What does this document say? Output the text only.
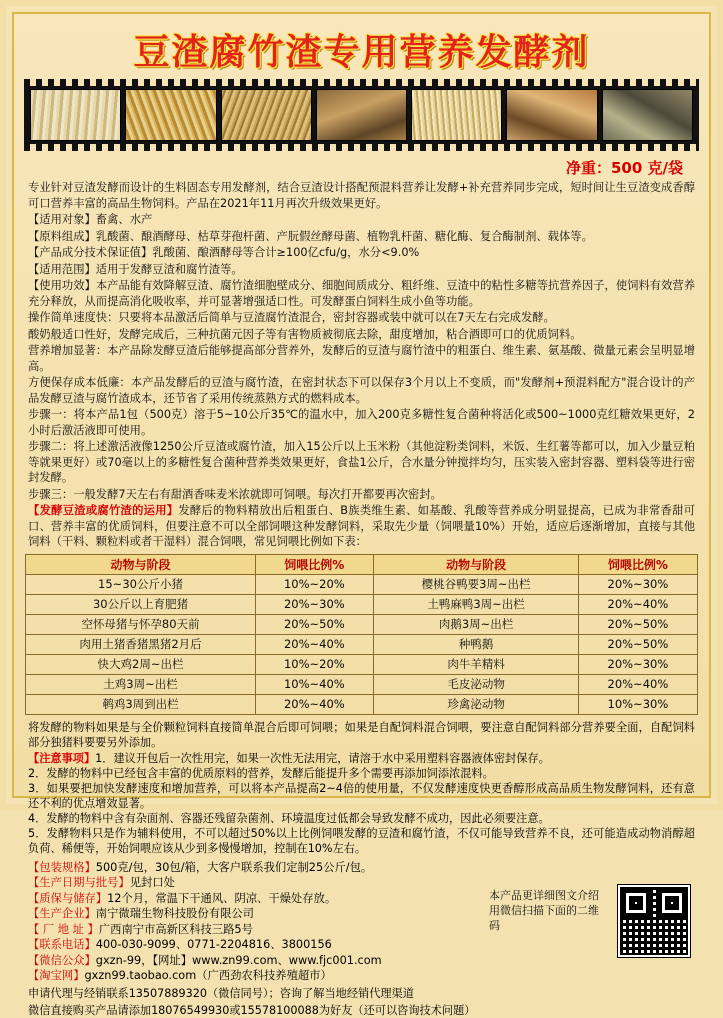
豆渣腐竹渣专用营养发酵剂
净重：500 克/袋

专业针对豆渣发酵而设计的生料固态专用发酵剂，结合豆渣设计搭配预混料营养让发酵+补充营养同步完成，短时间让生豆渣变成香醇可口营养丰富的高品生物饲料。产品在2021年11月再次升级效果更好。

【适用对象】畜禽、水产

【原料组成】乳酸菌、酿酒酵母、枯草芽孢杆菌、产朊假丝酵母菌、植物乳杆菌、糖化酶、复合酶制剂、载体等。

【产品成分技术保证值】乳酸菌、酿酒酵母等合计≥100亿cfu/g，水分<9.0%

【适用范围】适用于发酵豆渣和腐竹渣等。

【使用功效】本产品能有效降解豆渣、腐竹渣细胞壁成分、细胞间质成分、粗纤维、豆渣中的粘性多糖等抗营养因子，使饲料有效营养充分释放，从而提高消化吸收率，并可显著增强适口性。可发酵蛋白饲料生成小鱼等功能。

操作简单速度快：只要将本品激活后简单与豆渣腐竹渣混合，密封容器或装中就可以在7天左右完成发酵。

酸奶般适口性好，发酵完成后，三种抗菌元因子等有害物质被彻底去除，甜度增加，粘合酒即可口的优质饲料。

营养增加显著：本产品除发酵豆渣后能够提高部分营养外，发酵后的豆渣与腐竹渣中的粗蛋白、维生素、氨基酸、微量元素会呈明显增高。

方便保存成本低廉：本产品发酵后的豆渣与腐竹渣，在密封状态下可以保存3个月以上不变质，而"发酵剂+预混料配方"混合设计的产品发酵豆渣与腐竹渣成本，还节省了采用传统蒸熟方式的燃料成本。

步骤一：将本产品1包（500克）溶于5~10公斤35℃的温水中，加入200克多糖性复合菌种将活化或500~1000克红糖效果更好，2小时后激活液即可使用。

步骤二：将上述激活液像1250公斤豆渣或腐竹渣，加入15公斤以上玉米粉（其他淀粉类饲料，米饭、生红薯等都可以，加入少量豆粕等就果更好）或70毫以上的多糖性复合菌种营养类效果更好，食盐1公斤，合水量分钟搅拌均匀，压实装入密封容器、塑料袋等进行密封发酵。

步骤三：一般发酵7天左右有甜酒香味麦米浓就即可饲喂。每次打开都要再次密封。

【发酵豆渣或腐竹渣的运用】发酵后的物料精放出后粗蛋白、B族类维生素、如基酸、乳酸等营养成分明显提高，已成为非常香甜可口、营养丰富的优质饲料，但要注意不可以全部饲喂这种发酵饲料，采取先少量（饲喂量10%）开始，适应后逐渐增加，直接与其他饲料（干料、颗粒料或者干湿料）混合饲喂，常见饲喂比例如下表：

动物与阶段	饲喂比例%	动物与阶段	饲喂比例%
15~30公斤小猪	10%~20%	樱桃谷鸭要3周~出栏	20%~30%
30公斤以上育肥猪	20%~30%	土鸭麻鸭3周~出栏	20%~40%
空怀母猪与怀孕80天前	20%~50%	肉鹅3周~出栏	20%~50%
肉用土猪香猪黑猪2月后	20%~40%	种鸭鹅	20%~50%
快大鸡2周~出栏	10%~20%	肉牛羊精料	20%~30%
土鸡3周~出栏	10%~40%	毛皮泌动物	20%~40%
鹌鸡3周到出栏	20%~40%	珍禽泌动物	10%~30%

将发酵的物料如果是与全价颗粒饲料直接简单混合后即可饲喂；如果是自配饲料混合饲喂，要注意自配饲料部分营养要全面，自配饲料部分独猪料要要另外添加。

【注意事项】1．建议开包后一次性用完，如果一次性无法用完，请溶于水中采用塑料容器液体密封保存。

2．发酵的物料中已经包含丰富的优质原料的营养，发酵后能提升多个需要再添加饲添浓混料。

3．如果要把加快发酵速度和增加营养，可以将本产品提高2~4倍的使用量，不仅发酵速度快更香醇形成高品质生物发酵饲料，还有意还不利的优点增效显著。

4．发酵的物料中含有杂面剂、容器还残留杂菌剂、环境温度过低都会导致发酵不成功，因此必须要注意。

5．发酵物料只是作为辅料使用，不可以超过50%以上比例饲喂发酵的豆渣和腐竹渣，不仅可能导致营养不良，还可能造成动物消醇超负荷、稀便等，开始饲喂应该从少到多慢慢增加，控制在10%左右。

【包装规格】500克/包，30包/箱，大客户联系我们定制25公斤/包。
【生产日期与批号】见封口处
【质保与储存】12个月，常温下干通风、阴凉、干燥处存放。
【生产企业】南宁微瑞生物科技股份有限公司
【 厂 地 址 】广西南宁市高新区科技三路5号
【联系电话】400-030-9099、0771-2204816、3800156
【微信公众】gxzn-99，【网址】www.zn99.com、www.fjc001.com
【淘宝网】gxzn99.taobao.com（广西劲农科技养殖超市）
本产品更详细图文介绍用微信扫描下面的二维码
申请代理与经销联系13507889320（微信同号）；咨询了解当地经销代理渠道
微信直接购买产品请添加18076549930或15578100088为好友（还可以咨询技术问题）
